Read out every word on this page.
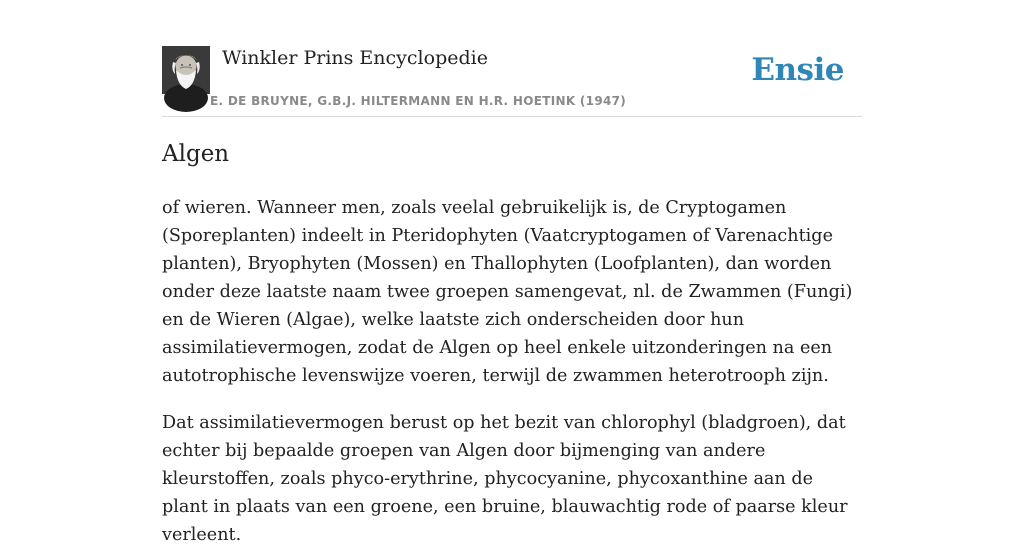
Winkler Prins Encyclopedie
E. DE BRUYNE, G.B.J. HILTERMANN EN H.R. HOETINK (1947)
Ensie
Algen

of wieren. Wanneer men, zoals veelal gebruikelijk is, de Cryptogamen (Sporeplanten) indeelt in Pteridophyten (Vaatcryptogamen of Varenachtige planten), Bryophyten (Mossen) en Thallophyten (Loofplanten), dan worden onder deze laatste naam twee groepen samengevat, nl. de Zwammen (Fungi) en de Wieren (Algae), welke laatste zich onderscheiden door hun assimilatievermogen, zodat de Algen op heel enkele uitzonderingen na een autotrophische levenswijze voeren, terwijl de zwammen heterotrooph zijn.

Dat assimilatievermogen berust op het bezit van chlorophyl (bladgroen), dat echter bij bepaalde groepen van Algen door bijmenging van andere kleurstoffen, zoals phyco-erythrine, phycocyanine, phycoxanthine aan de plant in plaats van een groene, een bruine, blauwachtig rode of paarse kleur verleent.
